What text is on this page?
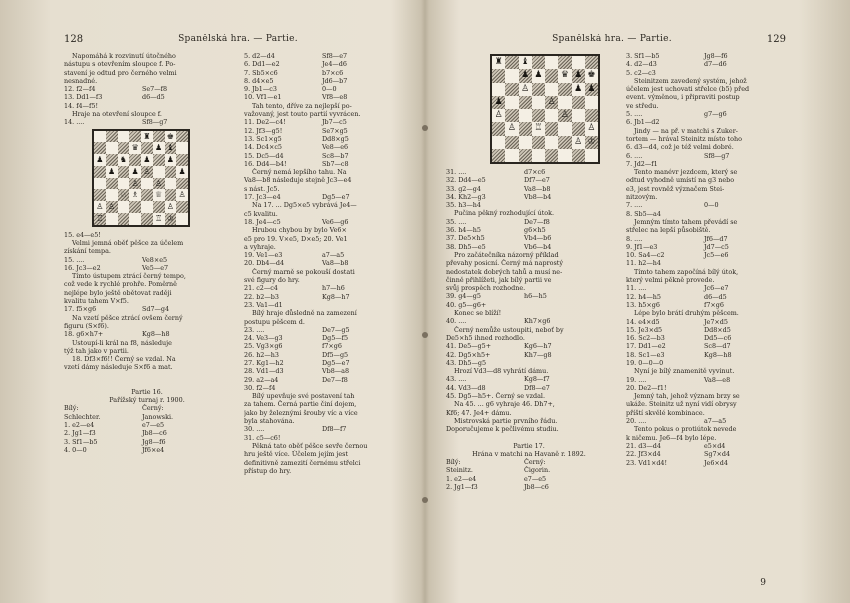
128	Španělská hra. — Partie.
Napomáhá k rozvinutí útočného
nástupu s otevřením sloupce f. Po-
stavení je odtud pro černého velmi
nesnadné.
12. f2—f4	Se7—f8
13. Dd1—f3	d6—d5
14. f4—f5!
Hraje na otevření sloupce f.
14. ....	Sf8—g7
♜ ♚
♛ ♟ ♝
♟ ♞ ♟ ♟
♟ ♟ ♙	♟
♙ ♙
♘ ♗ ♕ ♙
♙ ♙	♙
♖	♖ ♔
15. e4—e5!
Velmi jemná oběť pěšce za účelem
získání tempa.
15. ....	Ve8×e5
16. Jc3—e2	Ve5—e7
Tímto ústupem ztrácí černý tempo,
což vede k rychlé prohře. Poměrně
nejlépe bylo ještě obětovat raději
kvalitu tahem V×f5.
17. f5×g6	Sd7—g4
Na vzetí pěšce ztrácí ovšem černý
figuru (S×f6).
18. g6×h7+	Kg8—h8
Ustoupí-li král na f8, následuje
týž tah jako v partii.
18. Df3×f6!! Černý se vzdal. Na
vzetí dámy následuje S×f6 a mat.
Partie 16.
Pařížský turnaj r. 1900.
Bílý:	Černý:
Schlechter.	Janowski.
1. e2—e4	e7—e5
2. Jg1—f3	Jb8—c6
3. Sf1—b5	Jg8—f6
4. 0—0	Jf6×e4
5. d2—d4	Sf8—e7
6. Dd1—e2	Je4—d6
7. Sb5×c6	b7×c6
8. d4×e5	Jd6—b7
9. Jb1—c3	0—0
10. Vf1—e1	Vf8—e8
Tah tento, dříve za nejlepší po-
važovaný, jest touto partií vyvrácen.
11. De2—c4!	Jb7—c5
12. Jf3—g5!	Se7×g5
13. Sc1×g5	Dd8×g5
14. Dc4×c5	Ve8—e6
15. Dc5—d4	Sc8—b7
16. Dd4—b4!	Sb7—c8
Černý nemá lepšího tahu. Na
Va8—b8 následuje stejně Jc3—e4
s nást. Jc5.
17. Jc3—e4	Dg5—e7
Na 17. ... Dg5×e5 vybrává Je4—
c5 kvalitu.
18. Je4—c5	Ve6—g6
Hrubou chybou by bylo Ve6×
e5 pro 19. V×e5, D×e5; 20. Ve1
a vyhraje.
19. Ve1—e3	a7—a5
20. Db4—d4	Va8—b8
Černý marně se pokouší dostati
své figury do hry.
21. c2—c4	h7—h6
22. b2—b3	Kg8—h7
23. Va1—d1
Bílý hraje důsledně na zamezení
postupu pěšcem d.
23. ....	De7—g5
24. Ve3—g3	Dg5—f5
25. Vg3×g6	f7×g6
26. h2—h3	Df5—g5
27. Kg1—h2	Dg5—e7
28. Vd1—d3	Vb8—a8
29. a2—a4	De7—f8
30. f2—f4
Bílý upevňuje své postavení tah
za tahem. Černá partie činí dojem,
jako by železnými šrouby víc a více
byla stahována.
30. ....	Df8—f7
31. c5—c6!
Pěkná tato oběť pěšce sevře černou
hru ještě více. Účelem jejím jest
definitivně zamezití černému střelci
přístup do hry.
Španělská hra. — Partie.	129
♜ ♝
♟ ♟ ♛ ♟ ♚
♙	♟ ♟
♟	♙
♙	♙
♙ ♖	♙
♙ ♔
31. ....	d7×c6
32. Dd4—e5	Df7—e7
33. g2—g4	Va8—b8
34. Kh2—g3	Vb8—b4
35. h3—h4
Pučina pěkný rozhodující útok.
35. ....	De7—f8
36. h4—h5	g6×h5
37. De5×h5	Vb4—b6
38. Dh5—e5	Vb6—b4
Pro začátečníka názorný příklad
převahy posicní. Černý má naprostý
nedostatek dobrých tahů a musí ne-
činně přihlížeti, jak bílý partii ve
svůj prospěch rozhodne.
39. g4—g5	h6—h5
40. g5—g6+
Konec se blíží!
40. ....	Kh7×g6
Černý nemůže ustoupiti, neboť by
De5×h5 ihned rozhodlo.
41. De5—g5+	Kg6—h7
42. Dg5×h5+	Kh7—g8
43. Dh5—g5
Hrozí Vd3—d8 vyhrátí dámu.
43. ....	Kg8—f7
44. Vd3—d8	Df8—e7
45. Dg5—h5+. Černý se vzdal.
Na 45. ... g6 vyhraje 46. Dh7+,
Kf6; 47. Je4+ dámu.
Mistrovská partie prvního řádu.
Doporučujeme k pečlivému studiu.
Partie 17.
Hrána v matchi na Havaně r. 1892.
Bílý:	Černý:
Steinitz.	Čigorin.
1. e2—e4	e7—e5
2. Jg1—f3	Jb8—c6
3. Sf1—b5	Jg8—f6
4. d2—d3	d7—d6
5. c2—c3
Steinitzem zavedený systém, jehož
účelem jest uchovati střelce (b5) před
event. výměnou, i připraviti postup
ve středu.
5. ....	g7—g6
6. Jb1—d2
Jindy — na př. v matchi s Zuker-
tortem — hrával Steinitz místo toho
6. d3—d4, což je též velmi dobré.
6. ....	Sf8—g7
7. Jd2—f1
Tento manévr jezdcem, který se
odtud vyhodně umístí na g3 nebo
e3, jest rovněž význačem Stei-
nitzovým.
7. ....	0—0
8. Sb5—a4
Jemným tímto tahem převádí se
střelec na lepší působiště.
8. ....	Jf6—d7
9. Jf1—e3	Jd7—c5
10. Sa4—c2	Jc5—e6
11. h2—h4
Tímto tahem započíná bílý útok,
který velmi pěkně provede.
11. ....	Jc6—e7
12. h4—h5	d6—d5
13. h5×g6	f7×g6
Lépe bylo brátí druhým pěšcem.
14. e4×d5	Je7×d5
15. Je3×d5	Dd8×d5
16. Sc2—b3	Dd5—c6
17. Dd1—e2	Sc8—d7
18. Sc1—e3	Kg8—h8
19. 0—0—0
Nyní je bílý znamenitě vyvinut.
19. ....	Va8—e8
20. De2—f1!
Jemný tah, jehož význam brzy se
ukáže. Steinitz už nyní vidí obrysy
příští skvělé kombinace.
20. ....	a7—a5
Tento pokus o protiútok nevede
k ničemu. Je6—f4 bylo lépe.
21. d3—d4	e5×d4
22. Jf3×d4	Sg7×d4
23. Vd1×d4!	Je6×d4
9
